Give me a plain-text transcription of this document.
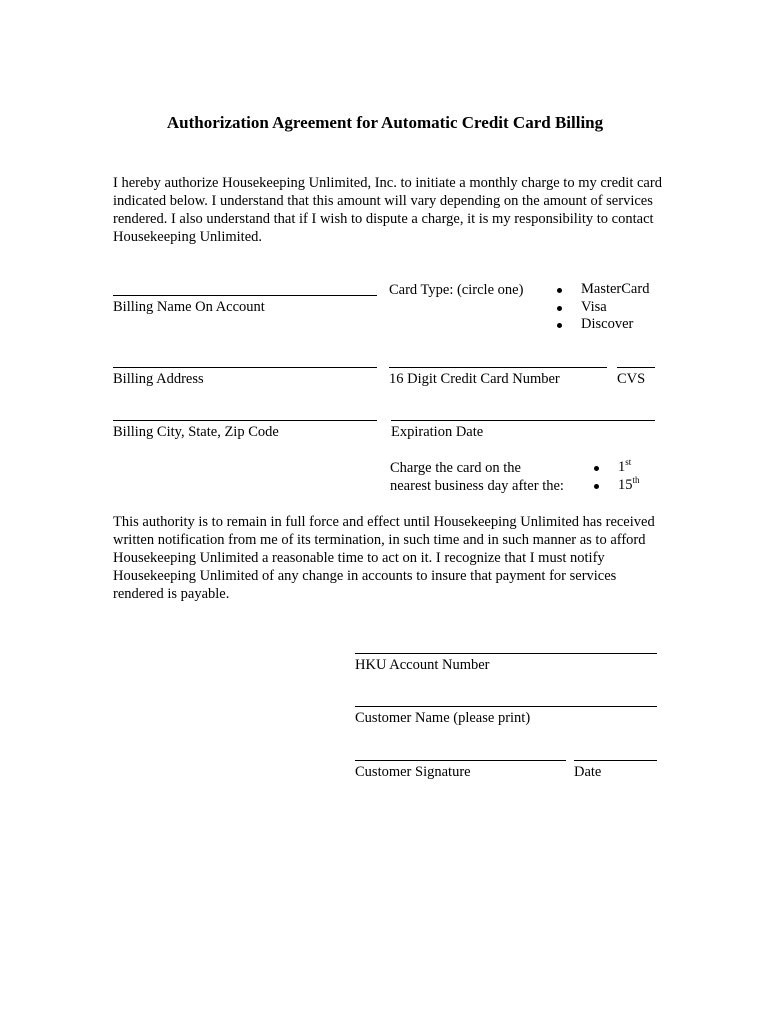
Authorization Agreement for Automatic Credit Card Billing
I hereby authorize Housekeeping Unlimited, Inc. to initiate a monthly charge to my credit card indicated below. I understand that this amount will vary depending on the amount of services rendered. I also understand that if I wish to dispute a charge, it is my responsibility to contact Housekeeping Unlimited.
Billing Name On Account
Card Type: (circle one)	MasterCard
Visa
Discover
Billing Address	16 Digit Credit Card Number	CVS
Billing City, State, Zip Code	Expiration Date
Charge the card on the
nearest business day after the:
1st
15th
This authority is to remain in full force and effect until Housekeeping Unlimited has received written notification from me of its termination, in such time and in such manner as to afford Housekeeping Unlimited a reasonable time to act on it. I recognize that I must notify Housekeeping Unlimited of any change in accounts to insure that payment for services rendered is payable.
HKU Account Number
Customer Name (please print)
Customer Signature	Date
